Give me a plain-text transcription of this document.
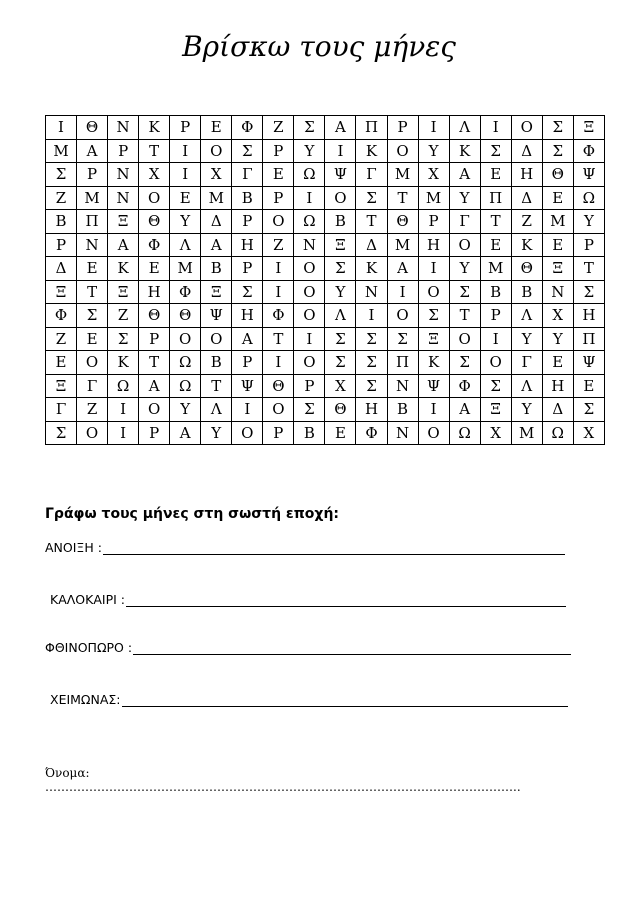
Βρίσκω τους μήνες
Ι	Θ	Ν	Κ	Ρ	Ε	Φ	Ζ	Σ	Α	Π	Ρ	Ι	Λ	Ι	Ο	Σ	Ξ
Μ	Α	Ρ	Τ	Ι	Ο	Σ	Ρ	Υ	Ι	Κ	Ο	Υ	Κ	Σ	Δ	Σ	Φ
Σ	Ρ	Ν	Χ	Ι	Χ	Γ	Ε	Ω	Ψ	Γ	Μ	Χ	Α	Ε	Η	Θ	Ψ
Ζ	Μ	Ν	Ο	Ε	Μ	Β	Ρ	Ι	Ο	Σ	Τ	Μ	Υ	Π	Δ	Ε	Ω
Β	Π	Ξ	Θ	Υ	Δ	Ρ	Ο	Ω	Β	Τ	Θ	Ρ	Γ	Τ	Ζ	Μ	Υ
Ρ	Ν	Α	Φ	Λ	Α	Η	Ζ	Ν	Ξ	Δ	Μ	Η	Ο	Ε	Κ	Ε	Ρ
Δ	Ε	Κ	Ε	Μ	Β	Ρ	Ι	Ο	Σ	Κ	Α	Ι	Υ	Μ	Θ	Ξ	Τ
Ξ	Τ	Ξ	Η	Φ	Ξ	Σ	Ι	Ο	Υ	Ν	Ι	Ο	Σ	Β	Β	Ν	Σ
Φ	Σ	Ζ	Θ	Θ	Ψ	Η	Φ	Ο	Λ	Ι	Ο	Σ	Τ	Ρ	Λ	Χ	Η
Ζ	Ε	Σ	Ρ	Ο	Ο	Α	Τ	Ι	Σ	Σ	Σ	Ξ	Ο	Ι	Υ	Υ	Π
Ε	Ο	Κ	Τ	Ω	Β	Ρ	Ι	Ο	Σ	Σ	Π	Κ	Σ	Ο	Γ	Ε	Ψ
Ξ	Γ	Ω	Α	Ω	Τ	Ψ	Θ	Ρ	Χ	Σ	Ν	Ψ	Φ	Σ	Λ	Η	Ε
Γ	Ζ	Ι	Ο	Υ	Λ	Ι	Ο	Σ	Θ	Η	Β	Ι	Α	Ξ	Υ	Δ	Σ
Σ	Ο	Ι	Ρ	Α	Υ	Ο	Ρ	Β	Ε	Φ	Ν	Ο	Ω	Χ	Μ	Ω	Χ
Γράφω τους μήνες στη σωστή εποχή:
ΑΝΟΙΞΗ :
ΚΑΛΟΚΑΙΡΙ :
ΦΘΙΝΟΠΩΡΟ :
ΧΕΙΜΩΝΑΣ:
Όνομα:
………………………………………………………………………………………………………..
